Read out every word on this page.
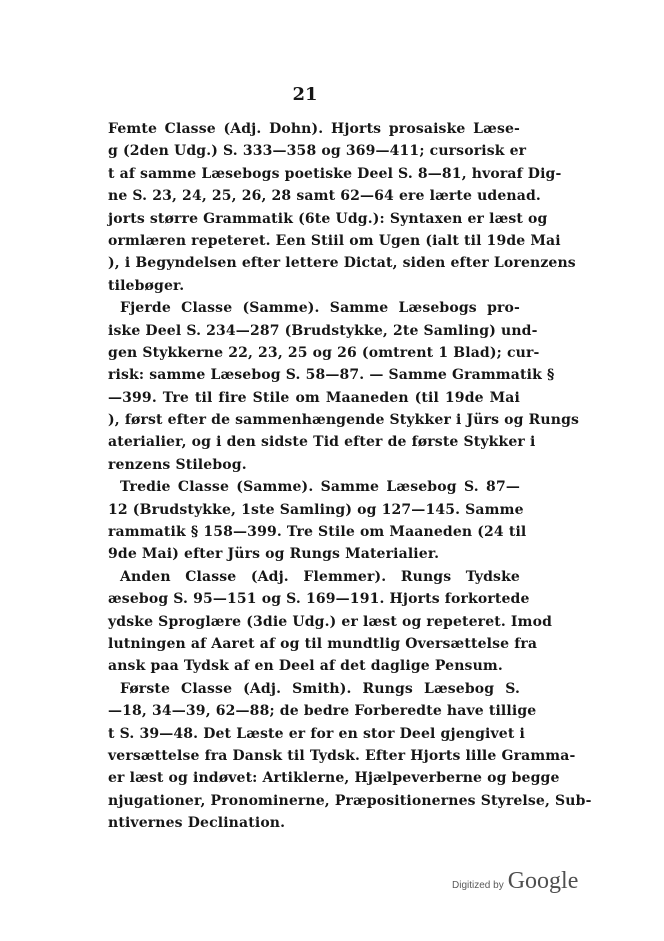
21
Femte Classe (Adj. Dohn). Hjorts prosaiske Læse-
g (2den Udg.) S. 333—358 og 369—411; cursorisk er
t af samme Læsebogs poetiske Deel S. 8—81, hvoraf Dig-
ne S. 23, 24, 25, 26, 28 samt 62—64 ere lærte udenad.
jorts større Grammatik (6te Udg.): Syntaxen er læst og
ormlæren repeteret. Een Stiil om Ugen (ialt til 19de Mai
), i Begyndelsen efter lettere Dictat, siden efter Lorenzens
tilebøger.
Fjerde Classe (Samme). Samme Læsebogs pro-
iske Deel S. 234—287 (Brudstykke, 2te Samling) und-
gen Stykkerne 22, 23, 25 og 26 (omtrent 1 Blad); cur-
risk: samme Læsebog S. 58—87. — Samme Grammatik §
—399. Tre til fire Stile om Maaneden (til 19de Mai
), først efter de sammenhængende Stykker i Jürs og Rungs
aterialier, og i den sidste Tid efter de første Stykker i
renzens Stilebog.
Tredie Classe (Samme). Samme Læsebog S. 87—
12 (Brudstykke, 1ste Samling) og 127—145. Samme
rammatik § 158—399. Tre Stile om Maaneden (24 til
9de Mai) efter Jürs og Rungs Materialier.
Anden Classe (Adj. Flemmer). Rungs Tydske
æsebog S. 95—151 og S. 169—191. Hjorts forkortede
ydske Sproglære (3die Udg.) er læst og repeteret. Imod
lutningen af Aaret af og til mundtlig Oversættelse fra
ansk paa Tydsk af en Deel af det daglige Pensum.
Første Classe (Adj. Smith). Rungs Læsebog S.
—18, 34—39, 62—88; de bedre Forberedte have tillige
t S. 39—48. Det Læste er for en stor Deel gjengivet i
versættelse fra Dansk til Tydsk. Efter Hjorts lille Gramma-
er læst og indøvet: Artiklerne, Hjælpeverberne og begge
njugationer, Pronominerne, Præpositionernes Styrelse, Sub-
ntivernes Declination.
Digitized by Google
